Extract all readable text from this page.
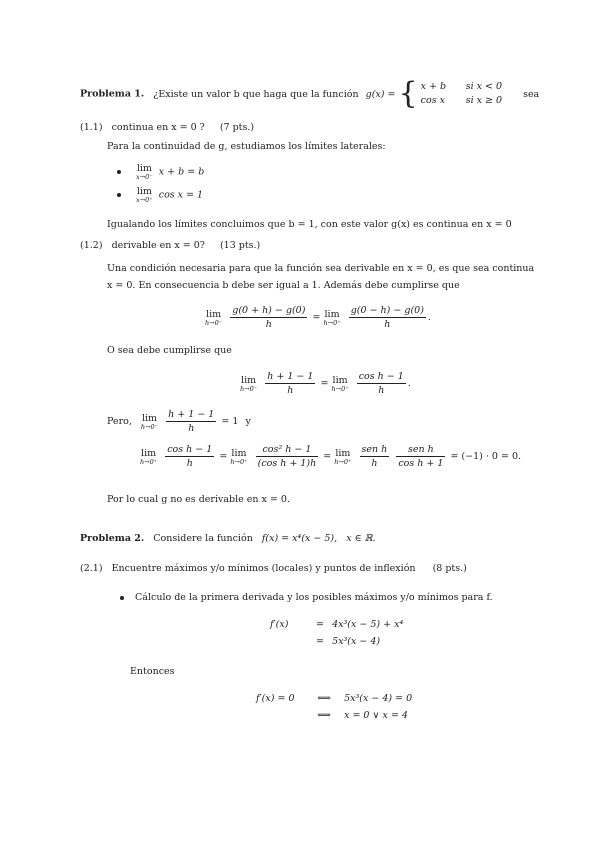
Problema 1. ¿Existe un valor b que haga que la función g(x) = { x + b si x < 0
cos x si x ≥ 0
sea
(1.1) continua en x = 0 ? (7 pts.)
Para la continuidad de g, estudiamos los límites laterales:

lim
x→0⁻ x + b = b

lim
x→0⁺ cos x = 1
Igualando los límites concluimos que b = 1, con este valor g(x) es continua en x = 0
(1.2) derivable en x = 0? (13 pts.)
Una condición necesaria para que la función sea derivable en x = 0, es que sea continua
x = 0. En consecuencia b debe ser igual a 1. Además debe cumplirse que
lim
h→0⁻
$\frac{g(0 + h) - g(0)}{h} = \lim$
h→0⁺
$\frac{g(0 - h) - g(0)}{h}$ .
O sea debe cumplirse que
lim
h→0⁻
$\frac{h + 1 - 1}{h} = \lim$
h→0⁺
$\frac{\text{cos h − 1}}{h}$ .
Pero, lim
h→0⁻
$\frac{h + 1 - 1}{h} = 1$ y
lim
h→0⁺
$\frac{\text{cos h − 1}}{h} = \lim$
h→0⁺
$\frac{\text{cos² h − 1}}{\text{(cos h + 1)h}} = \lim$
h→0⁺
$\frac{\text{sen h}}{h}$
$\frac{\text{sen h}}{\text{cos h + 1}} = (-1) \cdot 0 = 0$.
Por lo cual g no es derivable en x = 0.
Problema 2. Considere la función f(x) = x⁴(x − 5), x ∈ ℝ.
(2.1) Encuentre máximos y/o mínimos (locales) y puntos de inflexión (8 pts.)
Cálculo de la primera derivada y los posibles máximos y/o mínimos para f.
f′(x)	= 4x³(x − 5) + x⁴
= 5x³(x − 4)
Entonces
f′(x) = 0 ⟺ 5x³(x − 4) = 0
⟺ x = 0 ∨ x = 4
